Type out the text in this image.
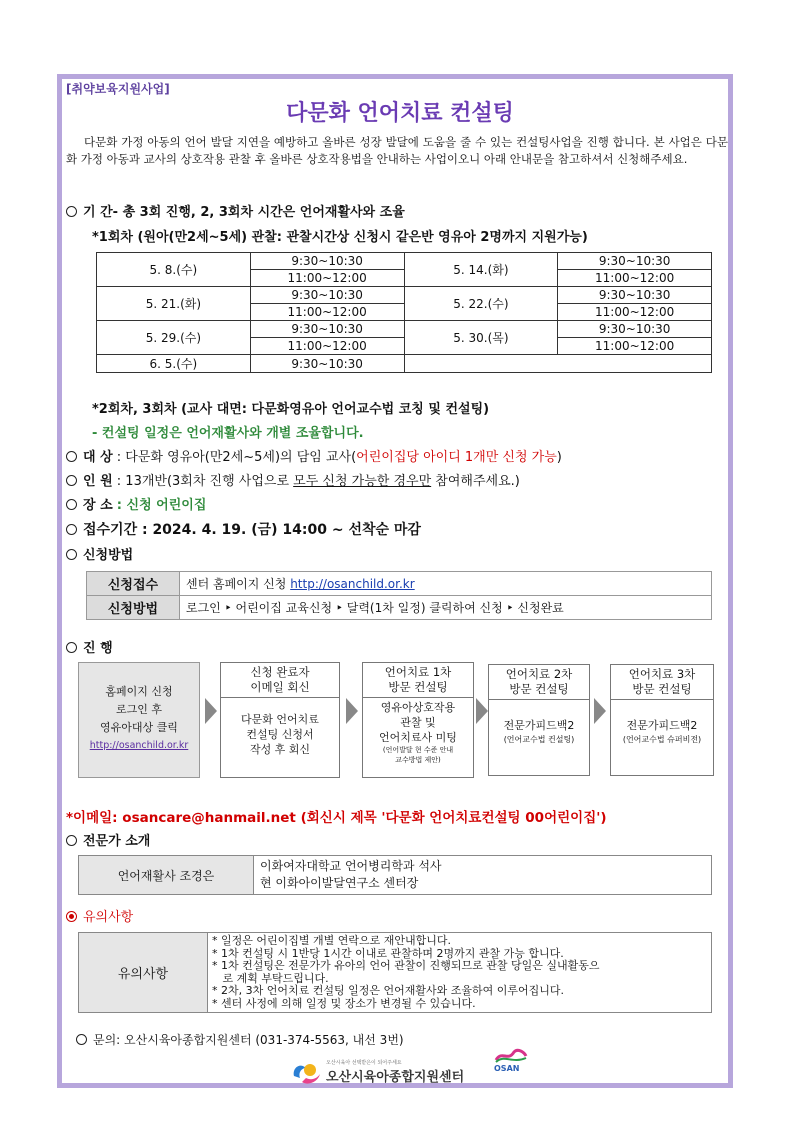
[취약보육지원사업]
다문화 언어치료 컨설팅
다문화 가정 아동의 언어 발달 지연을 예방하고 올바른 성장 발달에 도움을 줄 수 있는 컨설팅사업을 진행 합니다. 본 사업은 다문화 가정 아동과 교사의 상호작용 관찰 후 올바른 상호작용법을 안내하는 사업이오니 아래 안내문을 참고하셔서 신청해주세요.
기 간- 총 3회 진행, 2, 3회차 시간은 언어재활사와 조율
*1회차 (원아(만2세~5세) 관찰: 관찰시간상 신청시 같은반 영유아 2명까지 지원가능)
5. 8.(수)	9:30~10:30	5. 14.(화)	9:30~10:30
	11:00~12:00		11:00~12:00
5. 21.(화)	9:30~10:30	5. 22.(수)	9:30~10:30
	11:00~12:00		11:00~12:00
5. 29.(수)	9:30~10:30	5. 30.(목)	9:30~10:30
	11:00~12:00		11:00~12:00
6. 5.(수)	9:30~10:30		
*2회차, 3회차 (교사 대면: 다문화영유아 언어교수법 코칭 및 컨설팅)
- 컨설팅 일정은 언어재활사와 개별 조율합니다.
대 상 : 다문화 영유아(만2세~5세)의 담임 교사(어린이집당 아이디 1개만 신청 가능)
인 원 : 13개반(3회차 진행 사업으로 모두 신청 가능한 경우만 참여해주세요.)
장 소 : 신청 어린이집
접수기간 : 2024. 4. 19. (금) 14:00 ~ 선착순 마감
신청방법
신청접수	센터 홈페이지 신청 http://osanchild.or.kr
신청방법	로그인 ‣ 어린이집 교육신청 ‣ 달력(1차 일정) 클릭하여 신청 ‣ 신청완료
진 행
홈페이지 신청
로그인 후
영유아대상 클릭
http://osanchild.or.kr
신청 완료자
이메일 회신
다문화 언어치료
컨설팅 신청서
작성 후 회신
언어치료 1차
방문 컨설팅
영유아상호작용
관찰 및
언어치료사 미팅
(언어발달 현 수준 안내
교수방법 제안)
언어치료 2차
방문 컨설팅
전문가피드백2
(언어교수법 컨설팅)
언어치료 3차
방문 컨설팅
전문가피드백2
(언어교수법 슈퍼비전)
*이메일: osancare@hanmail.net (회신시 제목 '다문화 언어치료컨설팅 00어린이집')
전문가 소개
언어재활사 조경은	
이화여자대학교 언어병리학과 석사
현 이화아이발달연구소 센터장
유의사항
유의사항	
* 일정은 어린이집별 개별 연락으로 재안내합니다.
* 1차 컨설팅 시 1반당 1시간 이내로 관찰하며 2명까지 관찰 가능 합니다.
* 1차 컨설팅은 전문가가 유아의 언어 관찰이 진행되므로 관찰 당일은 실내활동으
로 계획 부탁드립니다.
* 2차, 3차 언어치료 컨설팅 일정은 언어재활사와 조율하여 이루어집니다.
* 센터 사정에 의해 일정 및 장소가 변경될 수 있습니다.
문의: 오산시육아종합지원센터 (031-374-5563, 내선 3번)
오산시육아 선택받은이 되어주세요
오산시육아종합지원센터
OSAN
